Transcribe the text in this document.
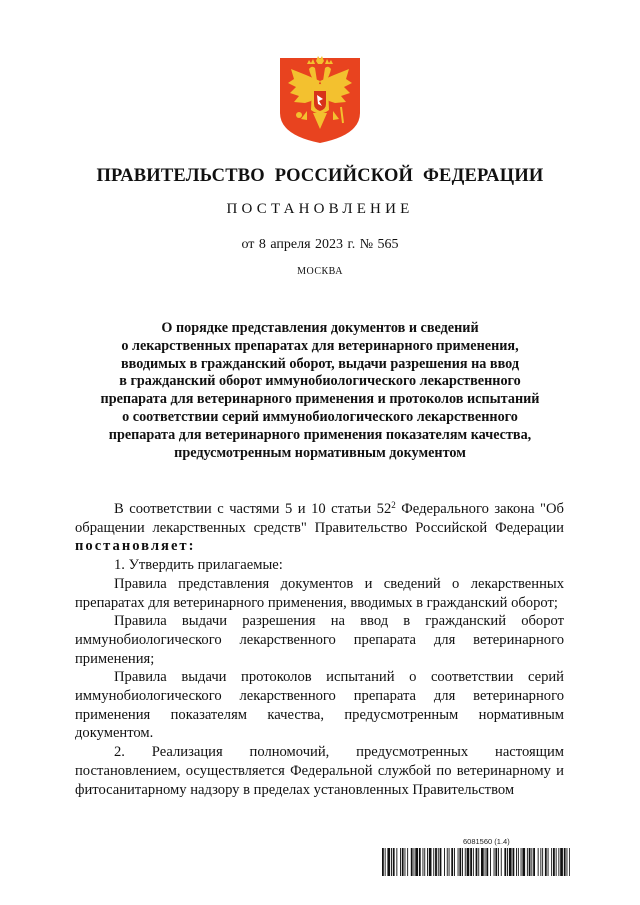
ПРАВИТЕЛЬСТВО РОССИЙСКОЙ ФЕДЕРАЦИИ
ПОСТАНОВЛЕНИЕ
от 8 апреля 2023 г. № 565
МОСКВА
О порядке представления документов и сведений
о лекарственных препаратах для ветеринарного применения,
вводимых в гражданский оборот, выдачи разрешения на ввод
в гражданский оборот иммунобиологического лекарственного
препарата для ветеринарного применения и протоколов испытаний
о соответствии серий иммунобиологического лекарственного
препарата для ветеринарного применения показателям качества,
предусмотренным нормативным документом

В соответствии с частями 5 и 10 статьи $52^2$ Федерального закона "Об обращении лекарственных средств" Правительство Российской Федерации постановляет:

1. Утвердить прилагаемые:

Правила представления документов и сведений о лекарственных препаратах для ветеринарного применения, вводимых в гражданский оборот;

Правила выдачи разрешения на ввод в гражданский оборот иммунобиологического лекарственного препарата для ветеринарного применения;

Правила выдачи протоколов испытаний о соответствии серий иммунобиологического лекарственного препарата для ветеринарного применения показателям качества, предусмотренным нормативным документом.

2. Реализация полномочий, предусмотренных настоящим постановлением, осуществляется Федеральной службой по ветеринарному и фитосанитарному надзору в пределах установленных Правительством

6081560 (1.4)
